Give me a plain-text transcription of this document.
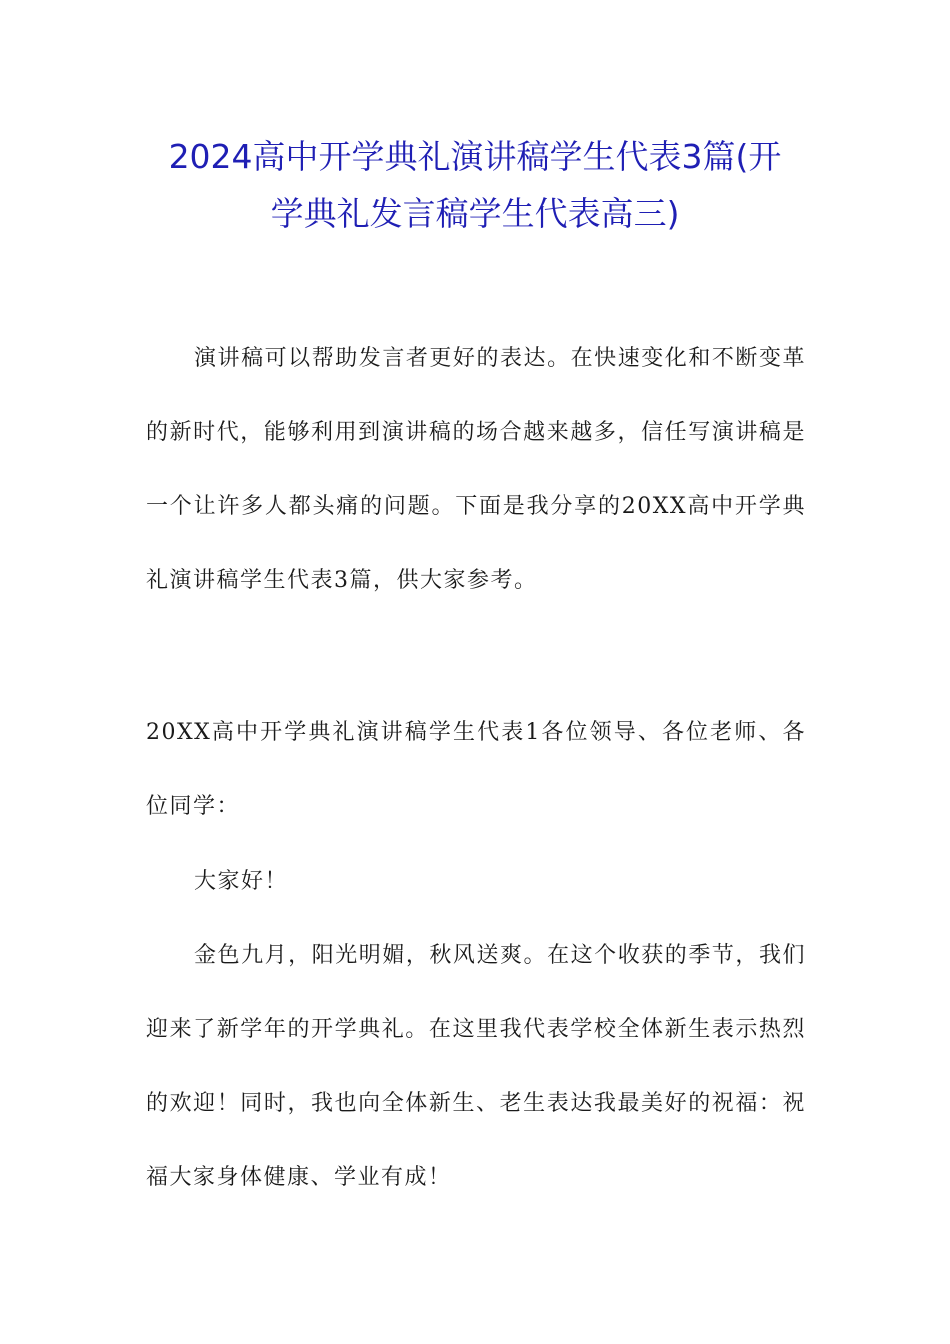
2024高中开学典礼演讲稿学生代表3篇(开
学典礼发言稿学生代表高三)

演讲稿可以帮助发言者更好的表达。在快速变化和不断变革的新时代，能够利用到演讲稿的场合越来越多，信任写演讲稿是一个让许多人都头痛的问题。下面是我分享的20XX高中开学典礼演讲稿学生代表3篇，供大家参考。

20XX高中开学典礼演讲稿学生代表1各位领导、各位老师、各位同学：

大家好！

金色九月，阳光明媚，秋风送爽。在这个收获的季节，我们迎来了新学年的开学典礼。在这里我代表学校全体新生表示热烈的欢迎！同时，我也向全体新生、老生表达我最美好的祝福：祝福大家身体健康、学业有成！
